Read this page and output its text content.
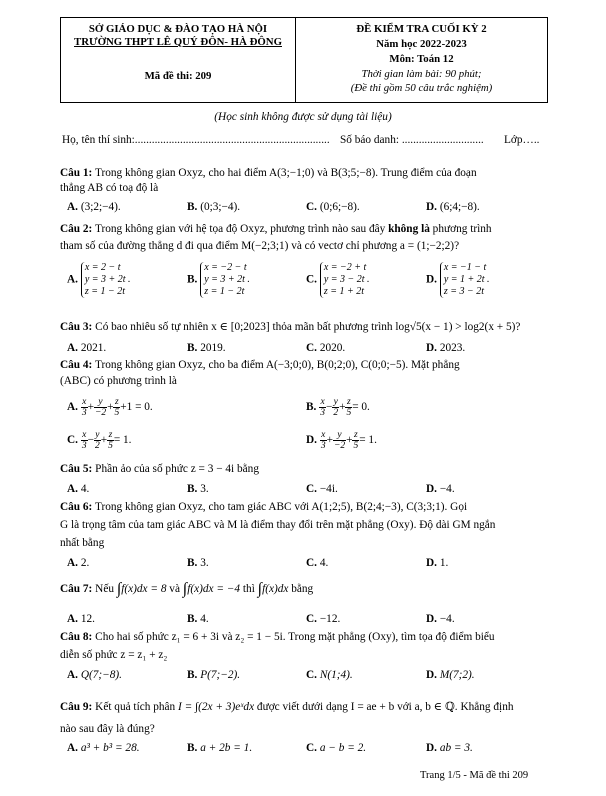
SỞ GIÁO DỤC & ĐÀO TẠO HÀ NỘI
TRƯỜNG THPT LÊ QUÝ ĐÔN- HÀ ĐÔNG
Mã đề thi: 209
ĐỀ KIỂM TRA CUỐI KỲ 2
Năm học 2022-2023
Môn: Toán 12
Thời gian làm bài: 90 phút;
(Đề thi gồm 50 câu trắc nghiệm)
(Học sinh không được sử dụng tài liệu)
Họ, tên thí sinh:..................................................................... Số báo danh: ............................. Lớp…..
Câu 1: Trong không gian Oxyz, cho hai điểm A(3;−1;0) và B(3;5;−8). Trung điểm của đoạn
thẳng AB có toạ độ là
A. (3;2;−4).	B. (0;3;−4).	C. (0;6;−8).	D. (6;4;−8).
Câu 2: Trong không gian với hệ tọa độ Oxyz, phương trình nào sau đây không là phương trình
tham số của đường thẳng d đi qua điểm M(−2;3;1) và có vectơ chỉ phương a = (1;−2;2)?
A. x = 2 − t
y = 3 + 2t .
z = 1 − 2t
B. x = −2 − t
y = 3 + 2t .
z = 1 − 2t
C. x = −2 + t
y = 3 − 2t .
z = 1 + 2t
D. x = −1 − t
y = 1 + 2t .
z = 3 − 2t
Câu 3: Có bao nhiêu số tự nhiên x ∈ [0;2023] thỏa mãn bất phương trình log√5(x − 1) > log2(x + 5)?
A. 2021.	B. 2019.	C. 2020.	D. 2023.
Câu 4: Trong không gian Oxyz, cho ba điểm A(−3;0;0), B(0;2;0), C(0;0;−5). Mặt phẳng
(ABC) có phương trình là
A. $\frac{x}{3} + \frac{y}{-2} + \frac{z}{5} +1 = 0$.	B. $\frac{x}{3} - \frac{y}{2} + \frac{z}{5} = 0$.
C. $\frac{x}{3} - \frac{y}{2} + \frac{z}{5} = 1$.	D. $\frac{x}{3} + \frac{y}{-2} + \frac{z}{5} = 1$.
Câu 5: Phần ảo của số phức z = 3 − 4i bằng
A. 4.	B. 3.	C. −4i.	D. −4.
Câu 6: Trong không gian Oxyz, cho tam giác ABC với A(1;2;5), B(2;4;−3), C(3;3;1). Gọi
G là trọng tâm của tam giác ABC và M là điểm thay đổi trên mặt phẳng (Oxy). Độ dài GM ngắn
nhất bằng
A. 2.	B. 3.	C. 4.	D. 1.
Câu 7: Nếu ∫f(x)dx = 8 và ∫f(x)dx = −4 thì ∫f(x)dx bằng
A. 12.	B. 4.	C. −12.	D. −4.
Câu 8: Cho hai số phức z₁ = 6 + 3i và z₂ = 1 − 5i. Trong mặt phẳng (Oxy), tìm tọa độ điểm biểu
diễn số phức z = z₁ + z₂
A. Q(7;−8).	B. P(7;−2).	C. N(1;4).	D. M(7;2).
Câu 9: Kết quả tích phân I = ∫(2x + 3)eˣdx được viết dưới dạng I = ae + b với a, b ∈ ℚ. Khẳng định
nào sau đây là đúng?
A. a³ + b³ = 28.	B. a + 2b = 1.	C. a − b = 2.	D. ab = 3.
Trang 1/5 - Mã đề thi 209
